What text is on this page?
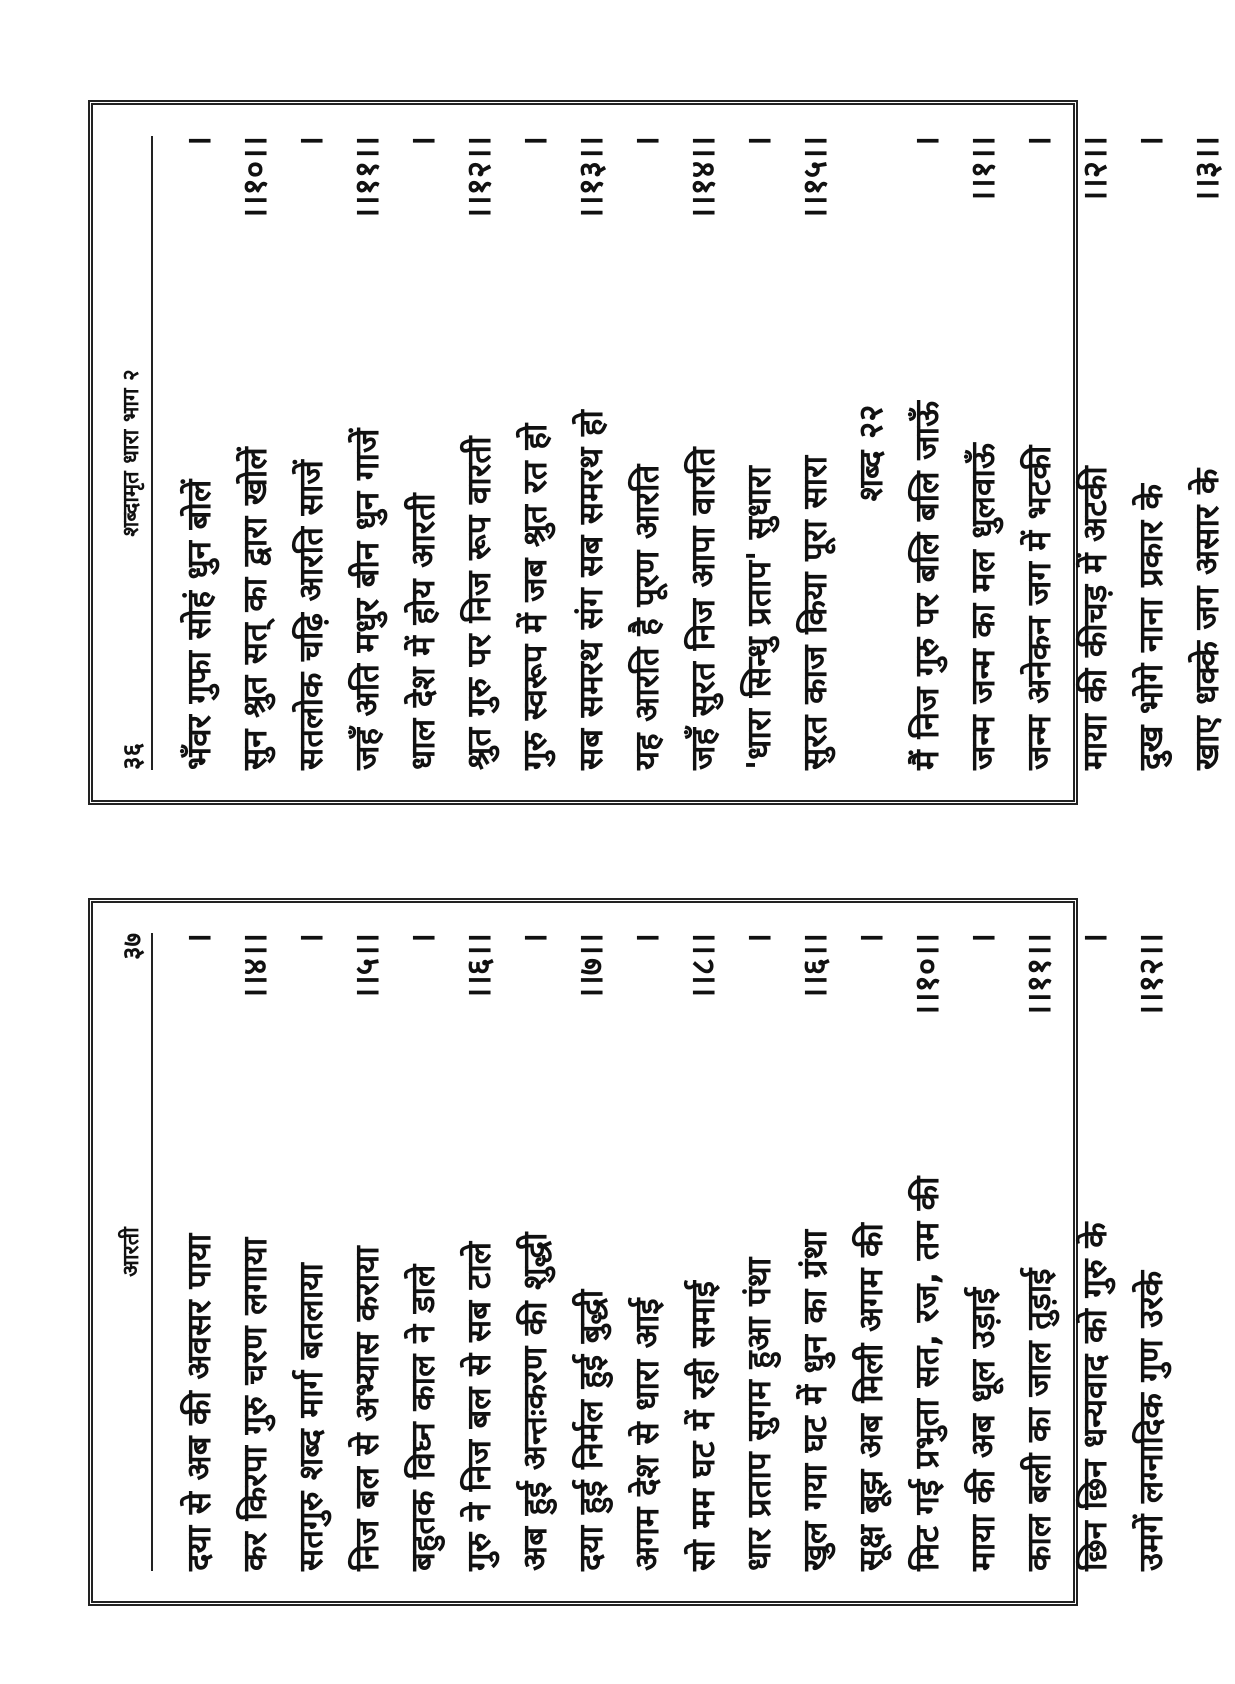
३६
शब्दामृत धारा भाग २
भँवर गुफा सोहं धुन बोलें
।
सुन श्रुत सत् का द्वारा खोलें
।।१०।।
सतलोक चढ़ि आरति साजें
।
जहँ अति मधुर बीन धुन गाजें
।।११।।
धाल देश में होय आरती
।
श्रुत गुरु पर निज रूप वारती
।।१२।।
गुरु स्वरूप में जब श्रुत रत हो
।
सब समरथ संग सब समरथ हो
।।१३।।
यह आरति है पूरण आरति
।
जहँ सुरत निज आपा वारति
।।१४।।
'धारा सिन्धु प्रताप' सुधारा
।
सुरत काज किया पूरा सारा
।।१५।।
शब्द २२ मैं निज गुरु पर बलि बलि जाऊँ
।
जन्म जन्म का मल धुलवाऊँ
।।१।।
जन्म अनेकन जग में भटकी
।
माया की कीचड़ में अटकी
।।२।।
दुख भोगे नाना प्रकार के
।
खाए धक्के जग असार के
।।३।।
आरती
३७
दया से अब की अवसर पाया
।
कर किरपा गुरु चरण लगाया
।।४।।
सतगुरु शब्द मार्ग बतलाया
।
निज बल से अभ्यास कराया
।।५।।
बहुतक विघ्न काल ने डाले
।
गुरु ने निज बल से सब टाले
।।६।।
अब हुई अन्तःकरण की शुद्धी
।
दया हुई निर्मल हुई बुद्धी
।।७।।
अगम देश से धारा आई
।
सो मम घट में रही समाई
।।८।।
धार प्रताप सुगम हुआ पंथा
।
खुल गया घट में धुन का ग्रंथा
।।६।।
सूक्ष बूझ अब मिली अगम की
।
मिट गई प्रभुता सत, रज, तम की
।।१०।।
माया की अब धूल उड़ाई
।
काल बली का जाल तुड़ाई
।।११।।
छिन छिन धन्यवाद को गुरु के
।
उमगें लग्नादिक गुण उरके
।।१२।।
